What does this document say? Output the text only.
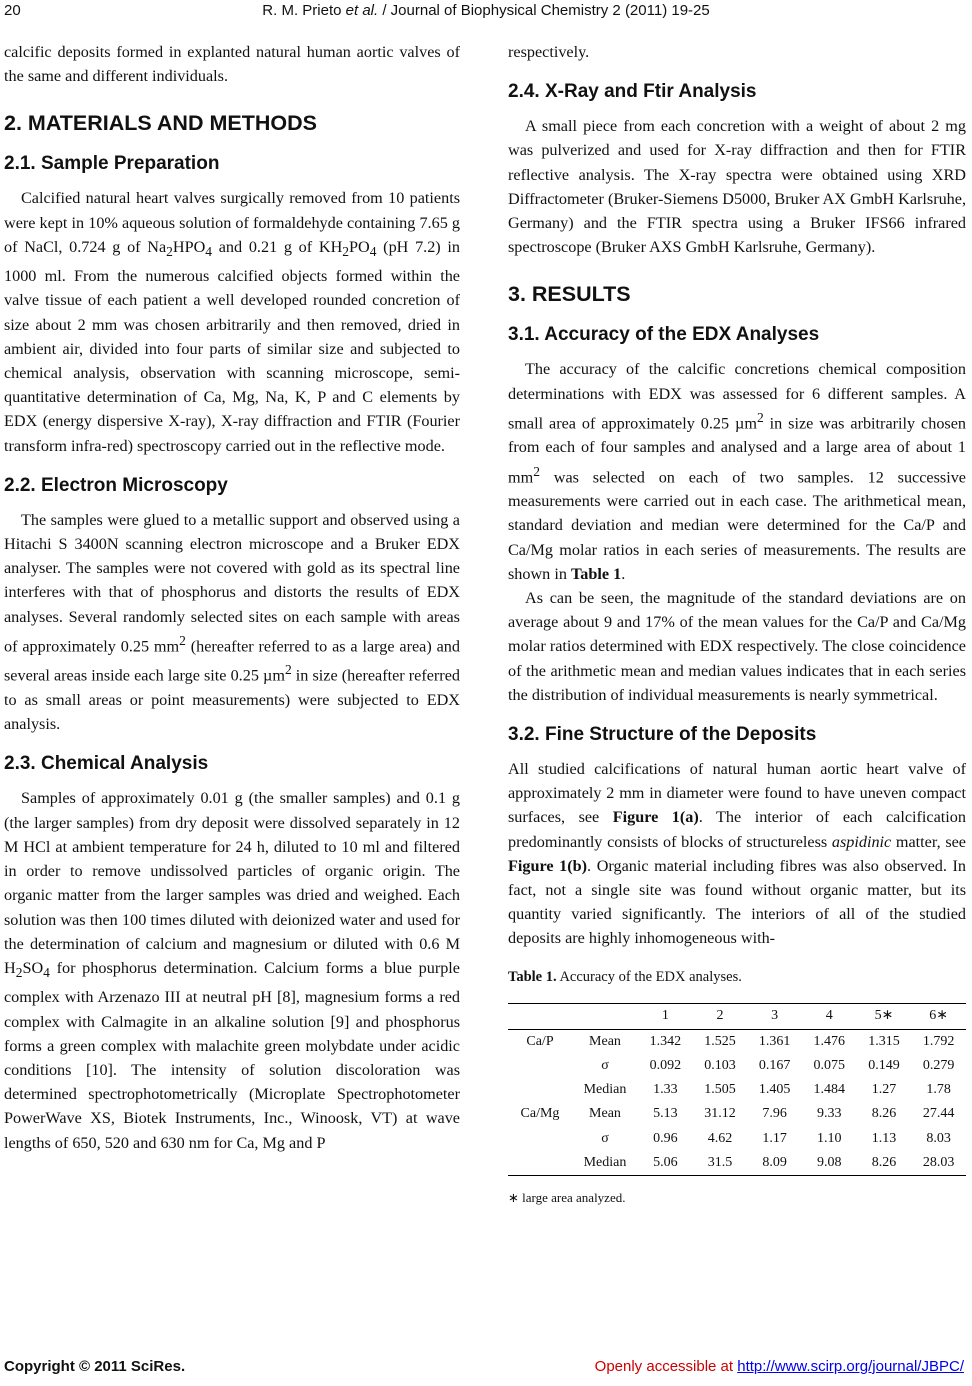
20	R. M. Prieto et al. / Journal of Biophysical Chemistry 2 (2011) 19-25

calcific deposits formed in explanted natural human aortic valves of the same and different individuals.

2. MATERIALS AND METHODS
2.1. Sample Preparation

Calcified natural heart valves surgically removed from 10 patients were kept in 10% aqueous solution of formaldehyde containing 7.65 g of NaCl, 0.724 g of $Na_2HPO_4$ and 0.21 g of $KH_2PO_4$ (pH 7.2) in 1000 ml. From the numerous calcified objects formed within the valve tissue of each patient a well developed rounded concretion of size about 2 mm was chosen arbitrarily and then removed, dried in ambient air, divided into four parts of similar size and subjected to chemical analysis, observation with scanning microscope, semi-quantitative determination of Ca, Mg, Na, K, P and C elements by EDX (energy dispersive X-ray), X-ray diffraction and FTIR (Fourier transform infra-red) spectroscopy carried out in the reflective mode.

2.2. Electron Microscopy

The samples were glued to a metallic support and observed using a Hitachi S 3400N scanning electron microscope and a Bruker EDX analyser. The samples were not covered with gold as its spectral line interferes with that of phosphorus and distorts the results of EDX analyses. Several randomly selected sites on each sample with areas of approximately 0.25 $mm^2$ (hereafter referred to as a large area) and several areas inside each large site 0.25 µm$^2$ in size (hereafter referred to as small areas or point measurements) were subjected to EDX analysis.

2.3. Chemical Analysis

Samples of approximately 0.01 g (the smaller samples) and 0.1 g (the larger samples) from dry deposit were dissolved separately in 12 M HCl at ambient temperature for 24 h, diluted to 10 ml and filtered in order to remove undissolved particles of organic origin. The organic matter from the larger samples was dried and weighed. Each solution was then 100 times diluted with deionized water and used for the determination of calcium and magnesium or diluted with 0.6 M $H_2SO_4$ for phosphorus determination. Calcium forms a blue purple complex with Arzenazo III at neutral pH [8], magnesium forms a red complex with Calmagite in an alkaline solution [9] and phosphorus forms a green complex with malachite green molybdate under acidic conditions [10]. The intensity of solution discoloration was determined spectrophotometrically (Microplate Spectrophotometer PowerWave XS, Biotek Instruments, Inc., Winoosk, VT) at wave lengths of 650, 520 and 630 nm for Ca, Mg and P

respectively.

2.4. X-Ray and Ftir Analysis

A small piece from each concretion with a weight of about 2 mg was pulverized and used for X-ray diffraction and then for FTIR reflective analysis. The X-ray spectra were obtained using XRD Diffractometer (Bruker-Siemens D5000, Bruker AX GmbH Karlsruhe, Germany) and the FTIR spectra using a Bruker IFS66 infrared spectroscope (Bruker AXS GmbH Karlsruhe, Germany).

3. RESULTS
3.1. Accuracy of the EDX Analyses

The accuracy of the calcific concretions chemical composition determinations with EDX was assessed for 6 different samples. A small area of approximately 0.25 µm$^2$ in size was arbitrarily chosen from each of four samples and analysed and a large area of about 1 $mm^2$ was selected on each of two samples. 12 successive measurements were carried out in each case. The arithmetical mean, standard deviation and median were determined for the Ca/P and Ca/Mg molar ratios in each series of measurements. The results are shown in Table 1.

As can be seen, the magnitude of the standard deviations are on average about 9 and 17% of the mean values for the Ca/P and Ca/Mg molar ratios determined with EDX respectively. The close coincidence of the arithmetic mean and median values indicates that in each series the distribution of individual measurements is nearly symmetrical.

3.2. Fine Structure of the Deposits

All studied calcifications of natural human aortic heart valve of approximately 2 mm in diameter were found to have uneven compact surfaces, see Figure 1(a). The interior of each calcification predominantly consists of blocks of structureless aspidinic matter, see Figure 1(b). Organic material including fibres was also observed. In fact, not a single site was found without organic matter, but its quantity varied significantly. The interiors of all of the studied deposits are highly inhomogeneous with-

Table 1. Accuracy of the EDX analyses.

		1	2	3	4	5∗	6∗
Ca/P	Mean	1.342	1.525	1.361	1.476	1.315	1.792
	σ	0.092	0.103	0.167	0.075	0.149	0.279
	Median	1.33	1.505	1.405	1.484	1.27	1.78
Ca/Mg	Mean	5.13	31.12	7.96	9.33	8.26	27.44
	σ	0.96	4.62	1.17	1.10	1.13	8.03
	Median	5.06	31.5	8.09	9.08	8.26	28.03
∗ large area analyzed.
Copyright © 2011 SciRes.	Openly accessible at http://www.scirp.org/journal/JBPC/
